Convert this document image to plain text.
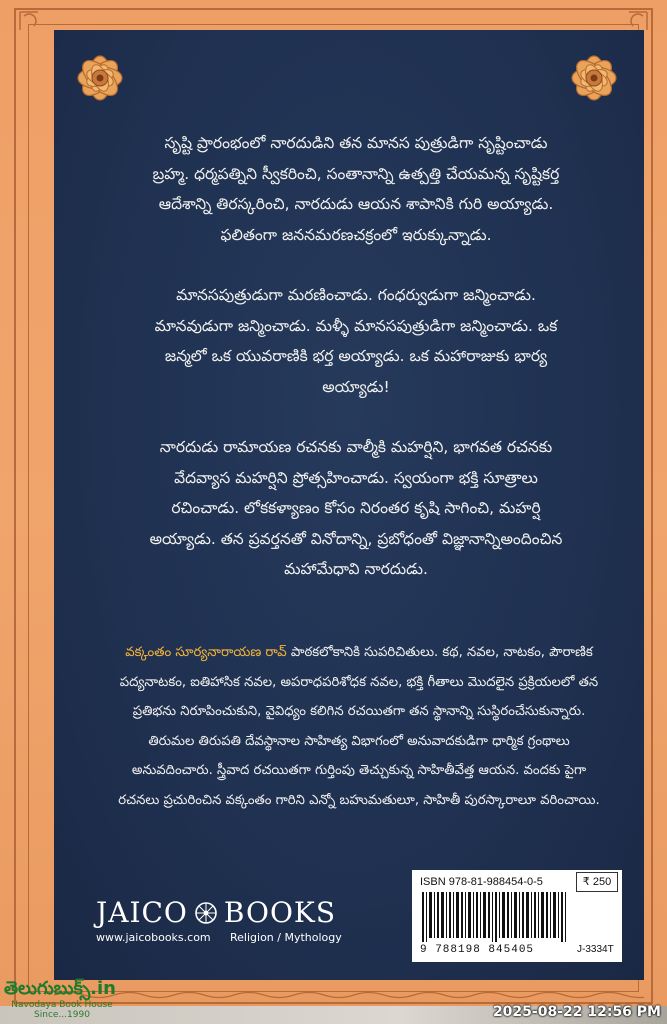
సృష్టి ప్రారంభంలో నారదుడిని తన మానస పుత్రుడిగా సృష్టించాడు
బ్రహ్మ. ధర్మపత్నిని స్వీకరించి, సంతానాన్ని ఉత్పత్తి చేయమన్న సృష్టికర్త
ఆదేశాన్ని తిరస్కరించి, నారదుడు ఆయన శాపానికి గురి అయ్యాడు.
ఫలితంగా జననమరణచక్రంలో ఇరుక్కున్నాడు.
మానసపుత్రుడుగా మరణించాడు. గంధర్వుడుగా జన్మించాడు.
మానవుడుగా జన్మించాడు. మళ్ళీ మానసపుత్రుడిగా జన్మించాడు. ఒక
జన్మలో ఒక యువరాణికి భర్త అయ్యాడు. ఒక మహారాజుకు భార్య
అయ్యాడు!
నారదుడు రామాయణ రచనకు వాల్మీకి మహర్షిని, భాగవత రచనకు
వేదవ్యాస మహర్షిని ప్రోత్సహించాడు. స్వయంగా భక్తి సూత్రాలు
రచించాడు. లోకకళ్యాణం కోసం నిరంతర కృషి సాగించి, మహర్షి
అయ్యాడు. తన ప్రవర్తనతో వినోదాన్ని, ప్రబోధంతో విజ్ఞానాన్నిఅందించిన
మహామేధావి నారదుడు.
వక్కంతం సూర్యనారాయణ రావ్ పాఠకలోకానికి సుపరిచితులు. కథ, నవల, నాటకం, పౌరాణిక
పద్యనాటకం, ఐతిహాసిక నవల, అపరాధపరిశోధక నవల, భక్తి గీతాలు మొదలైన ప్రక్రియలలో తన
ప్రతిభను నిరూపించుకుని, వైవిధ్యం కలిగిన రచయితగా తన స్థానాన్ని సుస్థిరంచేసుకున్నారు.
తిరుమల తిరుపతి దేవస్థానాల సాహిత్య విభాగంలో అనువాదకుడిగా ధార్మిక గ్రంథాలు
అనువదించారు. స్త్రీవాద రచయితగా గుర్తింపు తెచ్చుకున్న సాహితీవేత్త ఆయన. వందకు పైగా
రచనలు ప్రచురించిన వక్కంతం గారిని ఎన్నో బహుమతులూ, సాహితీ పురస్కారాలూ వరించాయి.
JAICO BOOKS
www.jaicobooks.com Religion / Mythology
ISBN 978-81-988454-0-5	₹ 250
9 788198 845405	J-3334T
తెలుగుబుక్స్.in
Navodaya Book House
Since...1990	2025-08-22 12:56 PM
